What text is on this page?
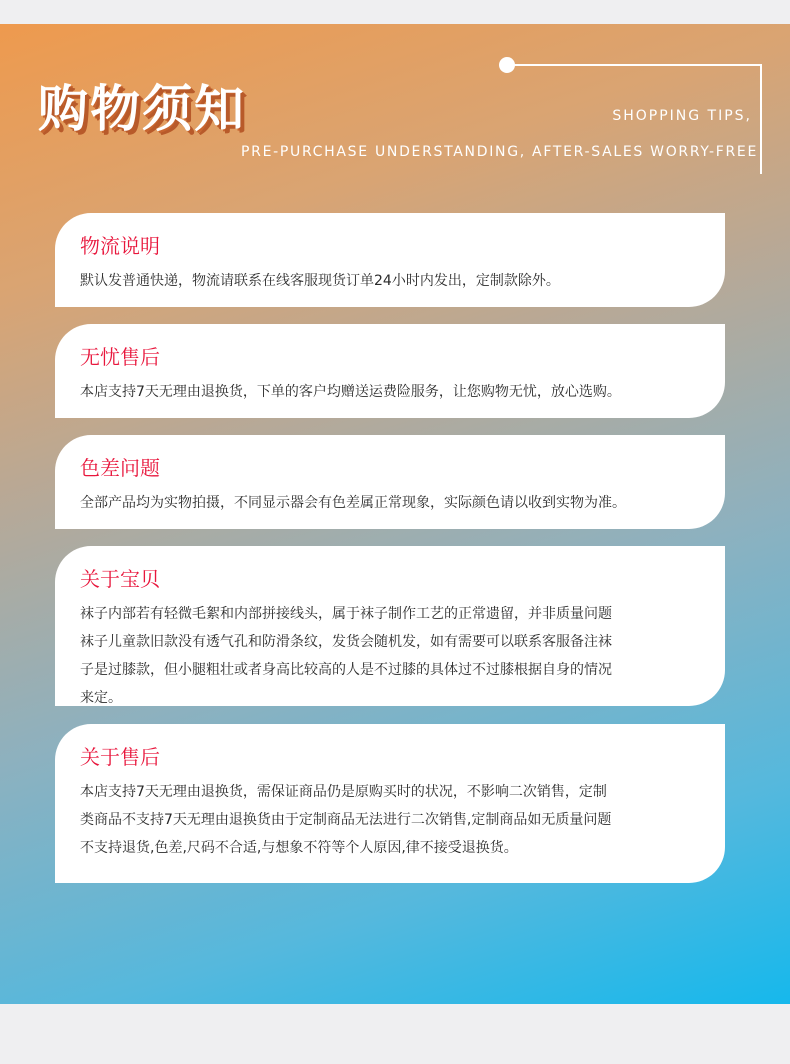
购物须知	SHOPPING TIPS,
PRE-PURCHASE UNDERSTANDING, AFTER-SALES WORRY-FREE
物流说明
默认发普通快递，物流请联系在线客服现货订单24小时内发出，定制款除外。
无忧售后
本店支持7天无理由退换货，下单的客户均赠送运费险服务，让您购物无忧，放心选购。
色差问题
全部产品均为实物拍摄，不同显示器会有色差属正常现象，实际颜色请以收到实物为准。
关于宝贝
袜子内部若有轻微毛絮和内部拼接线头，属于袜子制作工艺的正常遗留，并非质量问题
袜子儿童款旧款没有透气孔和防滑条纹，发货会随机发，如有需要可以联系客服备注袜
子是过膝款，但小腿粗壮或者身高比较高的人是不过膝的具体过不过膝根据自身的情况
来定。
关于售后
本店支持7天无理由退换货，需保证商品仍是原购买时的状况，不影响二次销售，定制
类商品不支持7天无理由退换货由于定制商品无法进行二次销售,定制商品如无质量问题
不支持退货,色差,尺码不合适,与想象不符等个人原因,律不接受退换货。
